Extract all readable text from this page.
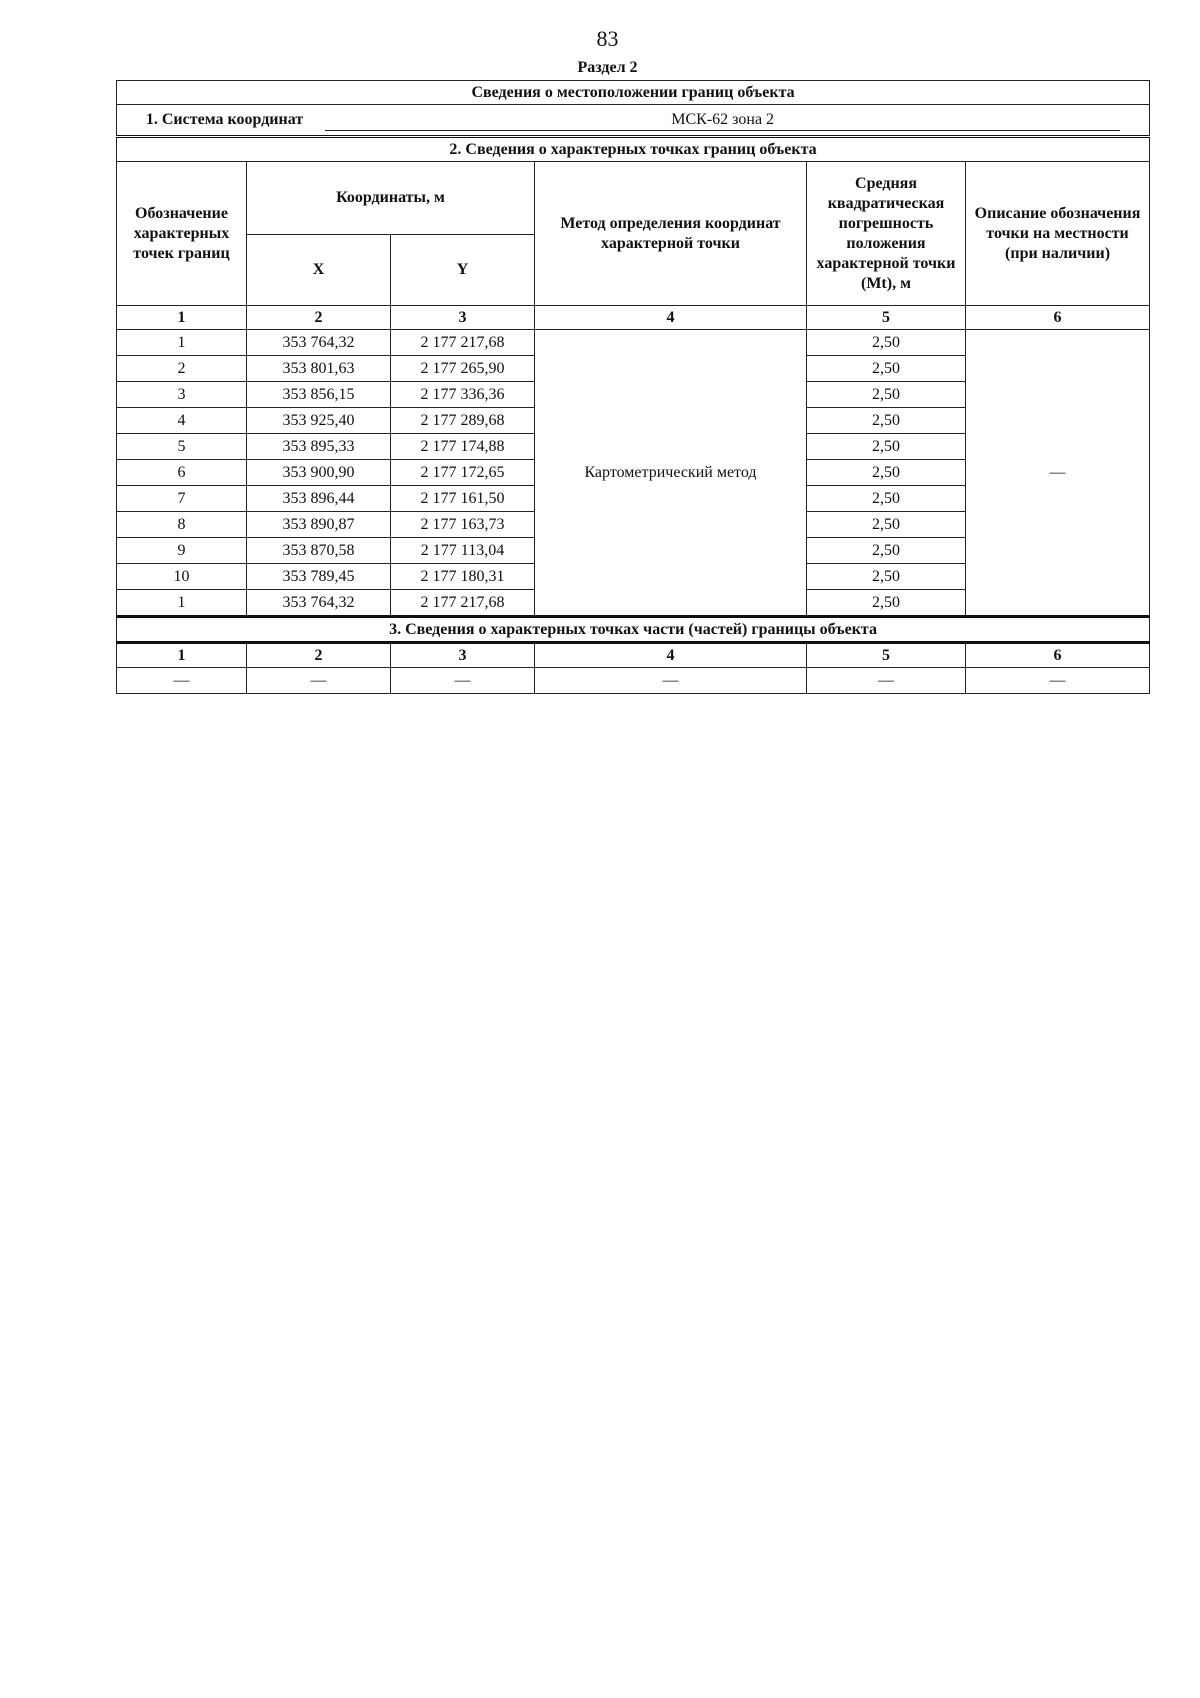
83
Раздел 2
Сведения о местоположении границ объекта					
1. Система координат МСК-62 зона 2					
2. Сведения о характерных точках границ объекта					
Обозначение характерных точек границ	Координаты, м		Метод определения координат характерной точки	Средняя квадратическая погрешность положения характерной точки (Mt), м	Описание обозначения точки на местности (при наличии)
	X	Y			
1	2	3	4	5	6
1	353 764,32	2 177 217,68	Картометрический метод	2,50	—
2	353 801,63	2 177 265,90		2,50	
3	353 856,15	2 177 336,36		2,50	
4	353 925,40	2 177 289,68		2,50	
5	353 895,33	2 177 174,88		2,50	
6	353 900,90	2 177 172,65		2,50	
7	353 896,44	2 177 161,50		2,50	
8	353 890,87	2 177 163,73		2,50	
9	353 870,58	2 177 113,04		2,50	
10	353 789,45	2 177 180,31		2,50	
1	353 764,32	2 177 217,68		2,50	
3. Сведения о характерных точках части (частей) границы объекта					
1	2	3	4	5	6
—	—	—	—	—	—
